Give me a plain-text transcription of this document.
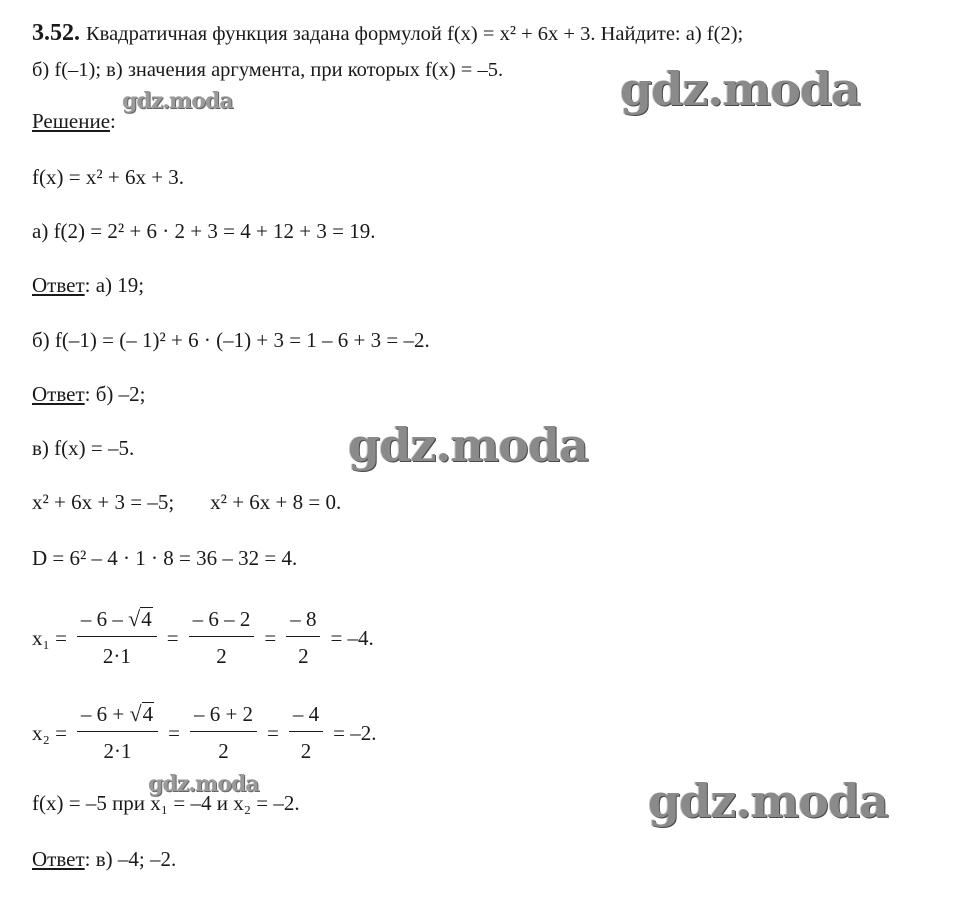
3.52. Квадратичная функция задана формулой f(x) = x² + 6x + 3. Найдите: а) f(2);
б) f(–1); в) значения аргумента, при которых f(x) = –5.
Решение:
f(x) = x² + 6x + 3.
а) f(2) = 2² + 6 · 2 + 3 = 4 + 12 + 3 = 19.
Ответ: а) 19;
б) f(–1) = (– 1)² + 6 · (–1) + 3 = 1 – 6 + 3 = –2.
Ответ: б) –2;
в) f(x) = –5.
x² + 6x + 3 = –5; x² + 6x + 8 = 0.
D = 6² – 4 · 1 · 8 = 36 – 32 = 4.
x₁ =
– 6 – √ 4
2·1
=
– 6 – 2
2
=
– 8
2
= –4.
x₂ =
– 6 + √ 4
2·1
=
– 6 + 2
2
=
– 4
2
= –2.
f(x) = –5 при x₁ = –4 и x₂ = –2.
Ответ: в) –4; –2.
gdz.moda	gdz.moda
gdz.moda
gdz.moda	gdz.moda
